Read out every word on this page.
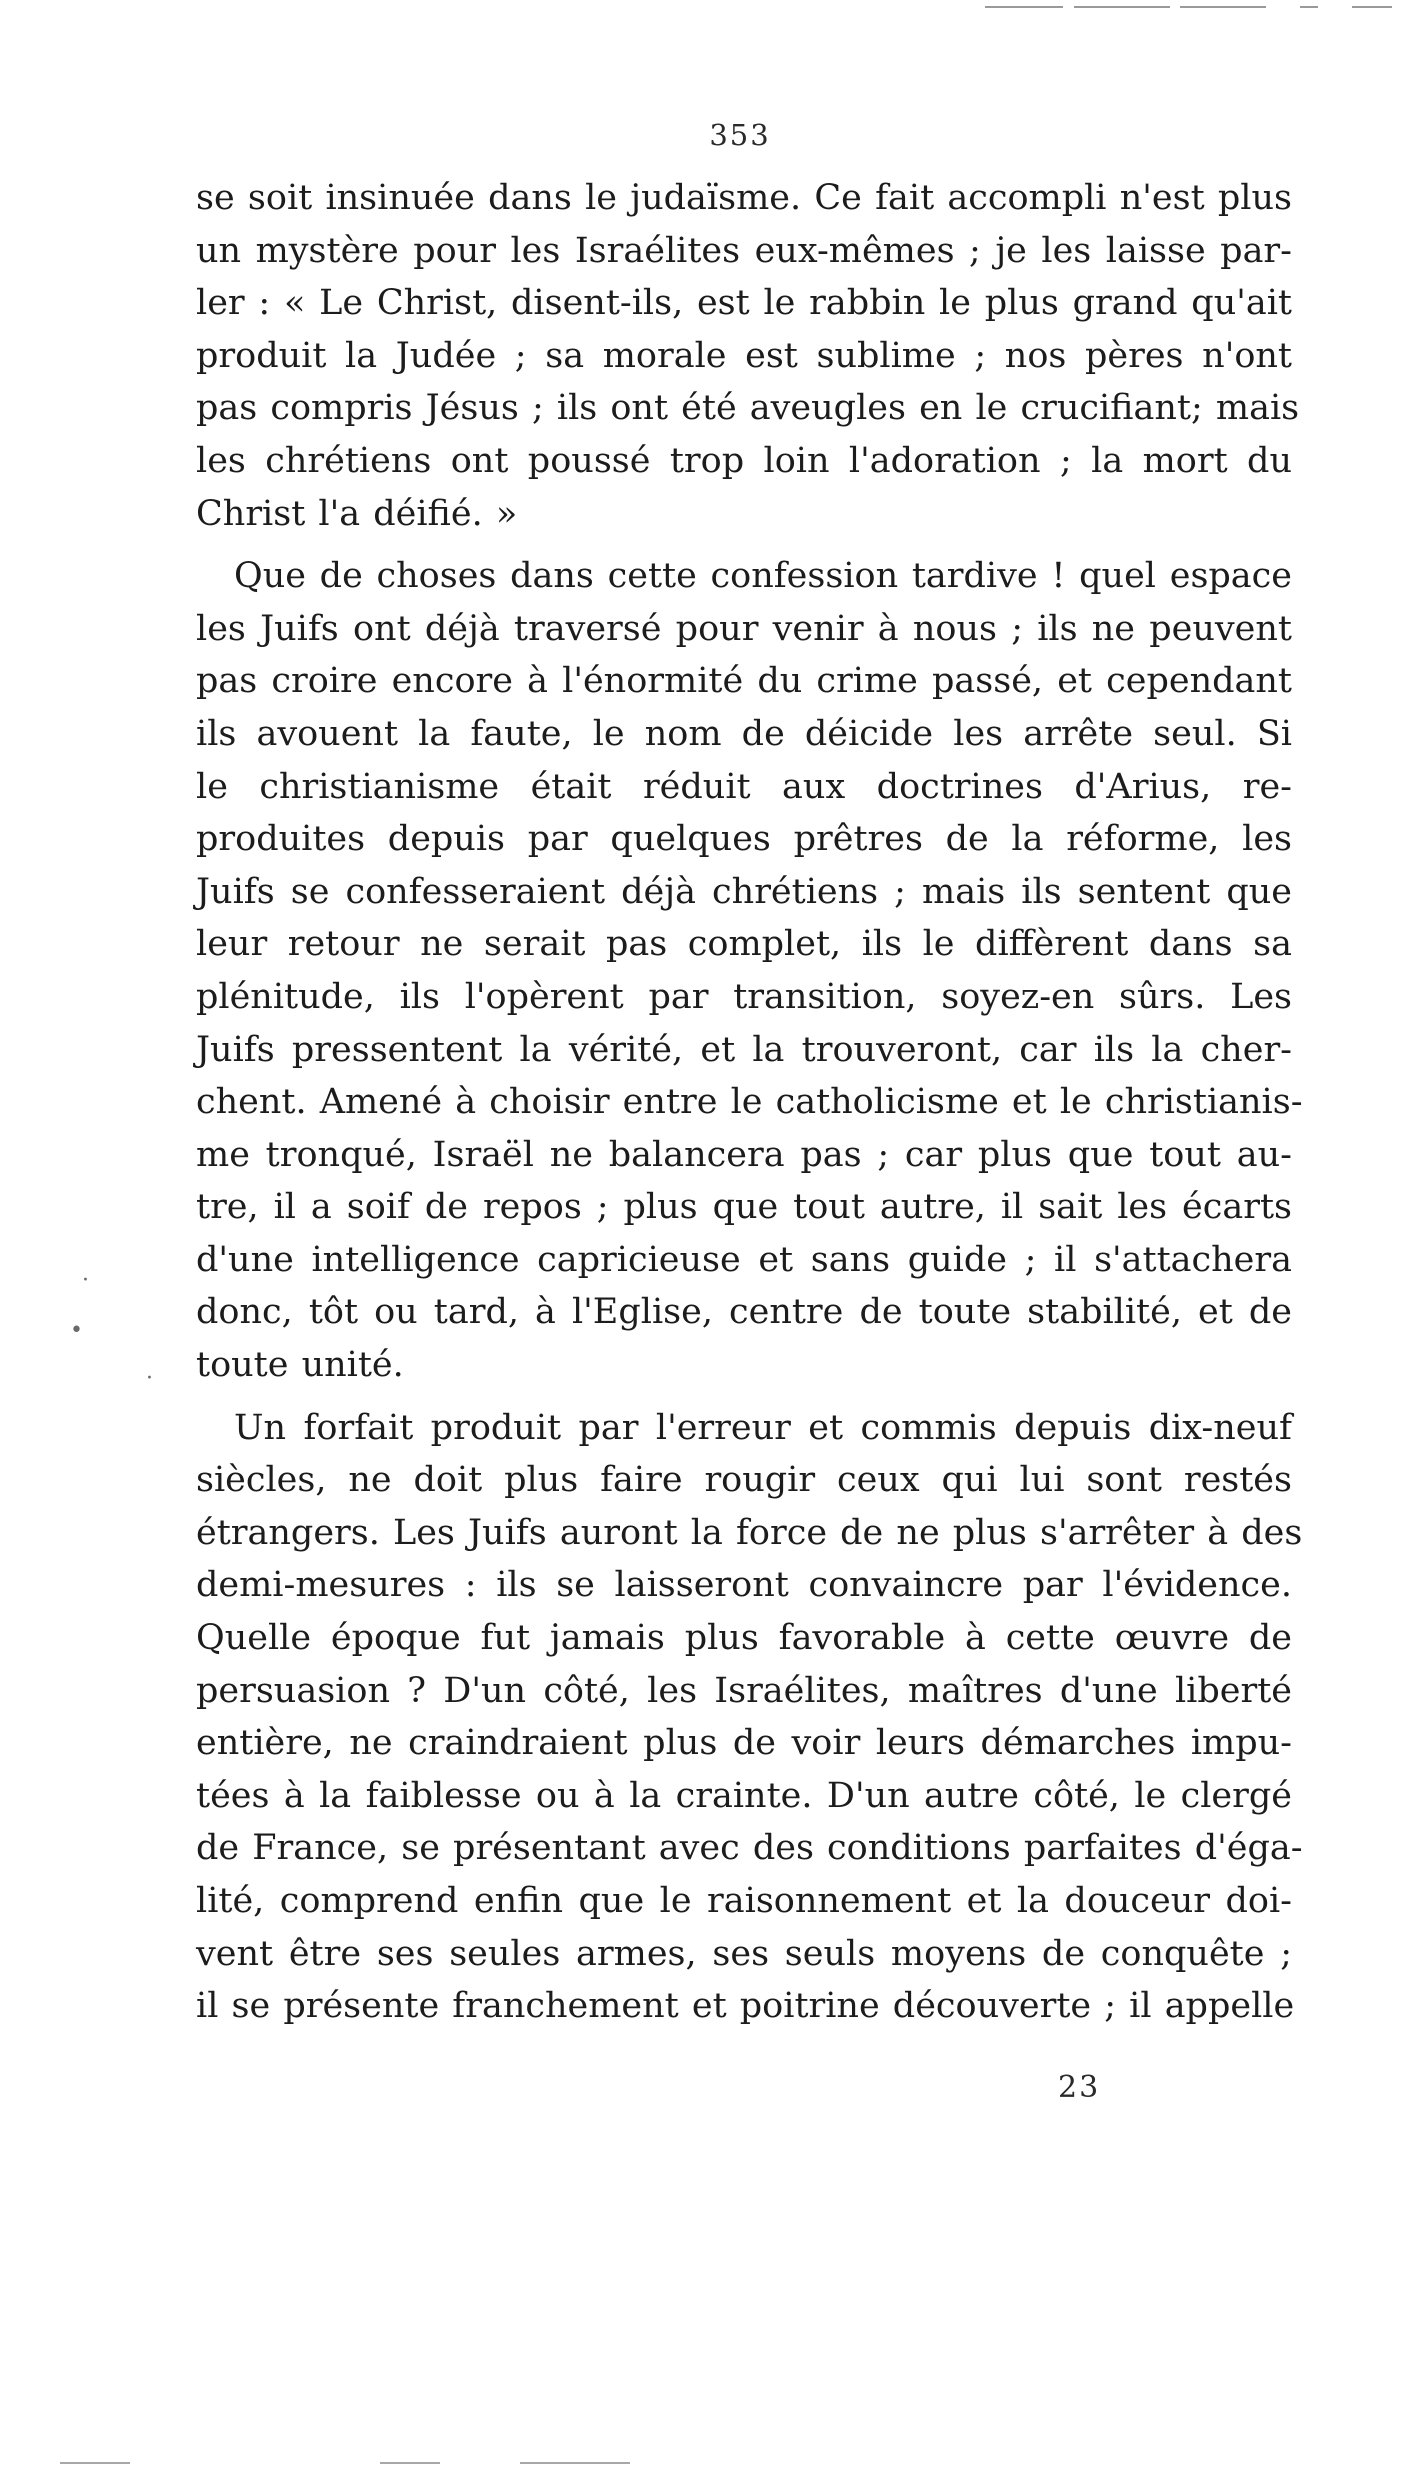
353
se soit insinuée dans le judaïsme. Ce fait accompli n'est plus
un mystère pour les Israélites eux-mêmes ; je les laisse par-
ler : « Le Christ, disent-ils, est le rabbin le plus grand qu'ait
produit la Judée ; sa morale est sublime ; nos pères n'ont
pas compris Jésus ; ils ont été aveugles en le crucifiant; mais
les chrétiens ont poussé trop loin l'adoration ; la mort du
Christ l'a déifié. »
Que de choses dans cette confession tardive ! quel espace
les Juifs ont déjà traversé pour venir à nous ; ils ne peuvent
pas croire encore à l'énormité du crime passé, et cependant
ils avouent la faute, le nom de déicide les arrête seul. Si
le christianisme était réduit aux doctrines d'Arius, re-
produites depuis par quelques prêtres de la réforme, les
Juifs se confesseraient déjà chrétiens ; mais ils sentent que
leur retour ne serait pas complet, ils le diffèrent dans sa
plénitude, ils l'opèrent par transition, soyez-en sûrs. Les
Juifs pressentent la vérité, et la trouveront, car ils la cher-
chent. Amené à choisir entre le catholicisme et le christianis-
me tronqué, Israël ne balancera pas ; car plus que tout au-
tre, il a soif de repos ; plus que tout autre, il sait les écarts
d'une intelligence capricieuse et sans guide ; il s'attachera
donc, tôt ou tard, à l'Eglise, centre de toute stabilité, et de
toute unité.
Un forfait produit par l'erreur et commis depuis dix-neuf
siècles, ne doit plus faire rougir ceux qui lui sont restés
étrangers. Les Juifs auront la force de ne plus s'arrêter à des
demi-mesures : ils se laisseront convaincre par l'évidence.
Quelle époque fut jamais plus favorable à cette œuvre de
persuasion ? D'un côté, les Israélites, maîtres d'une liberté
entière, ne craindraient plus de voir leurs démarches impu-
tées à la faiblesse ou à la crainte. D'un autre côté, le clergé
de France, se présentant avec des conditions parfaites d'éga-
lité, comprend enfin que le raisonnement et la douceur doi-
vent être ses seules armes, ses seuls moyens de conquête ;
il se présente franchement et poitrine découverte ; il appelle
23
·
•
·
